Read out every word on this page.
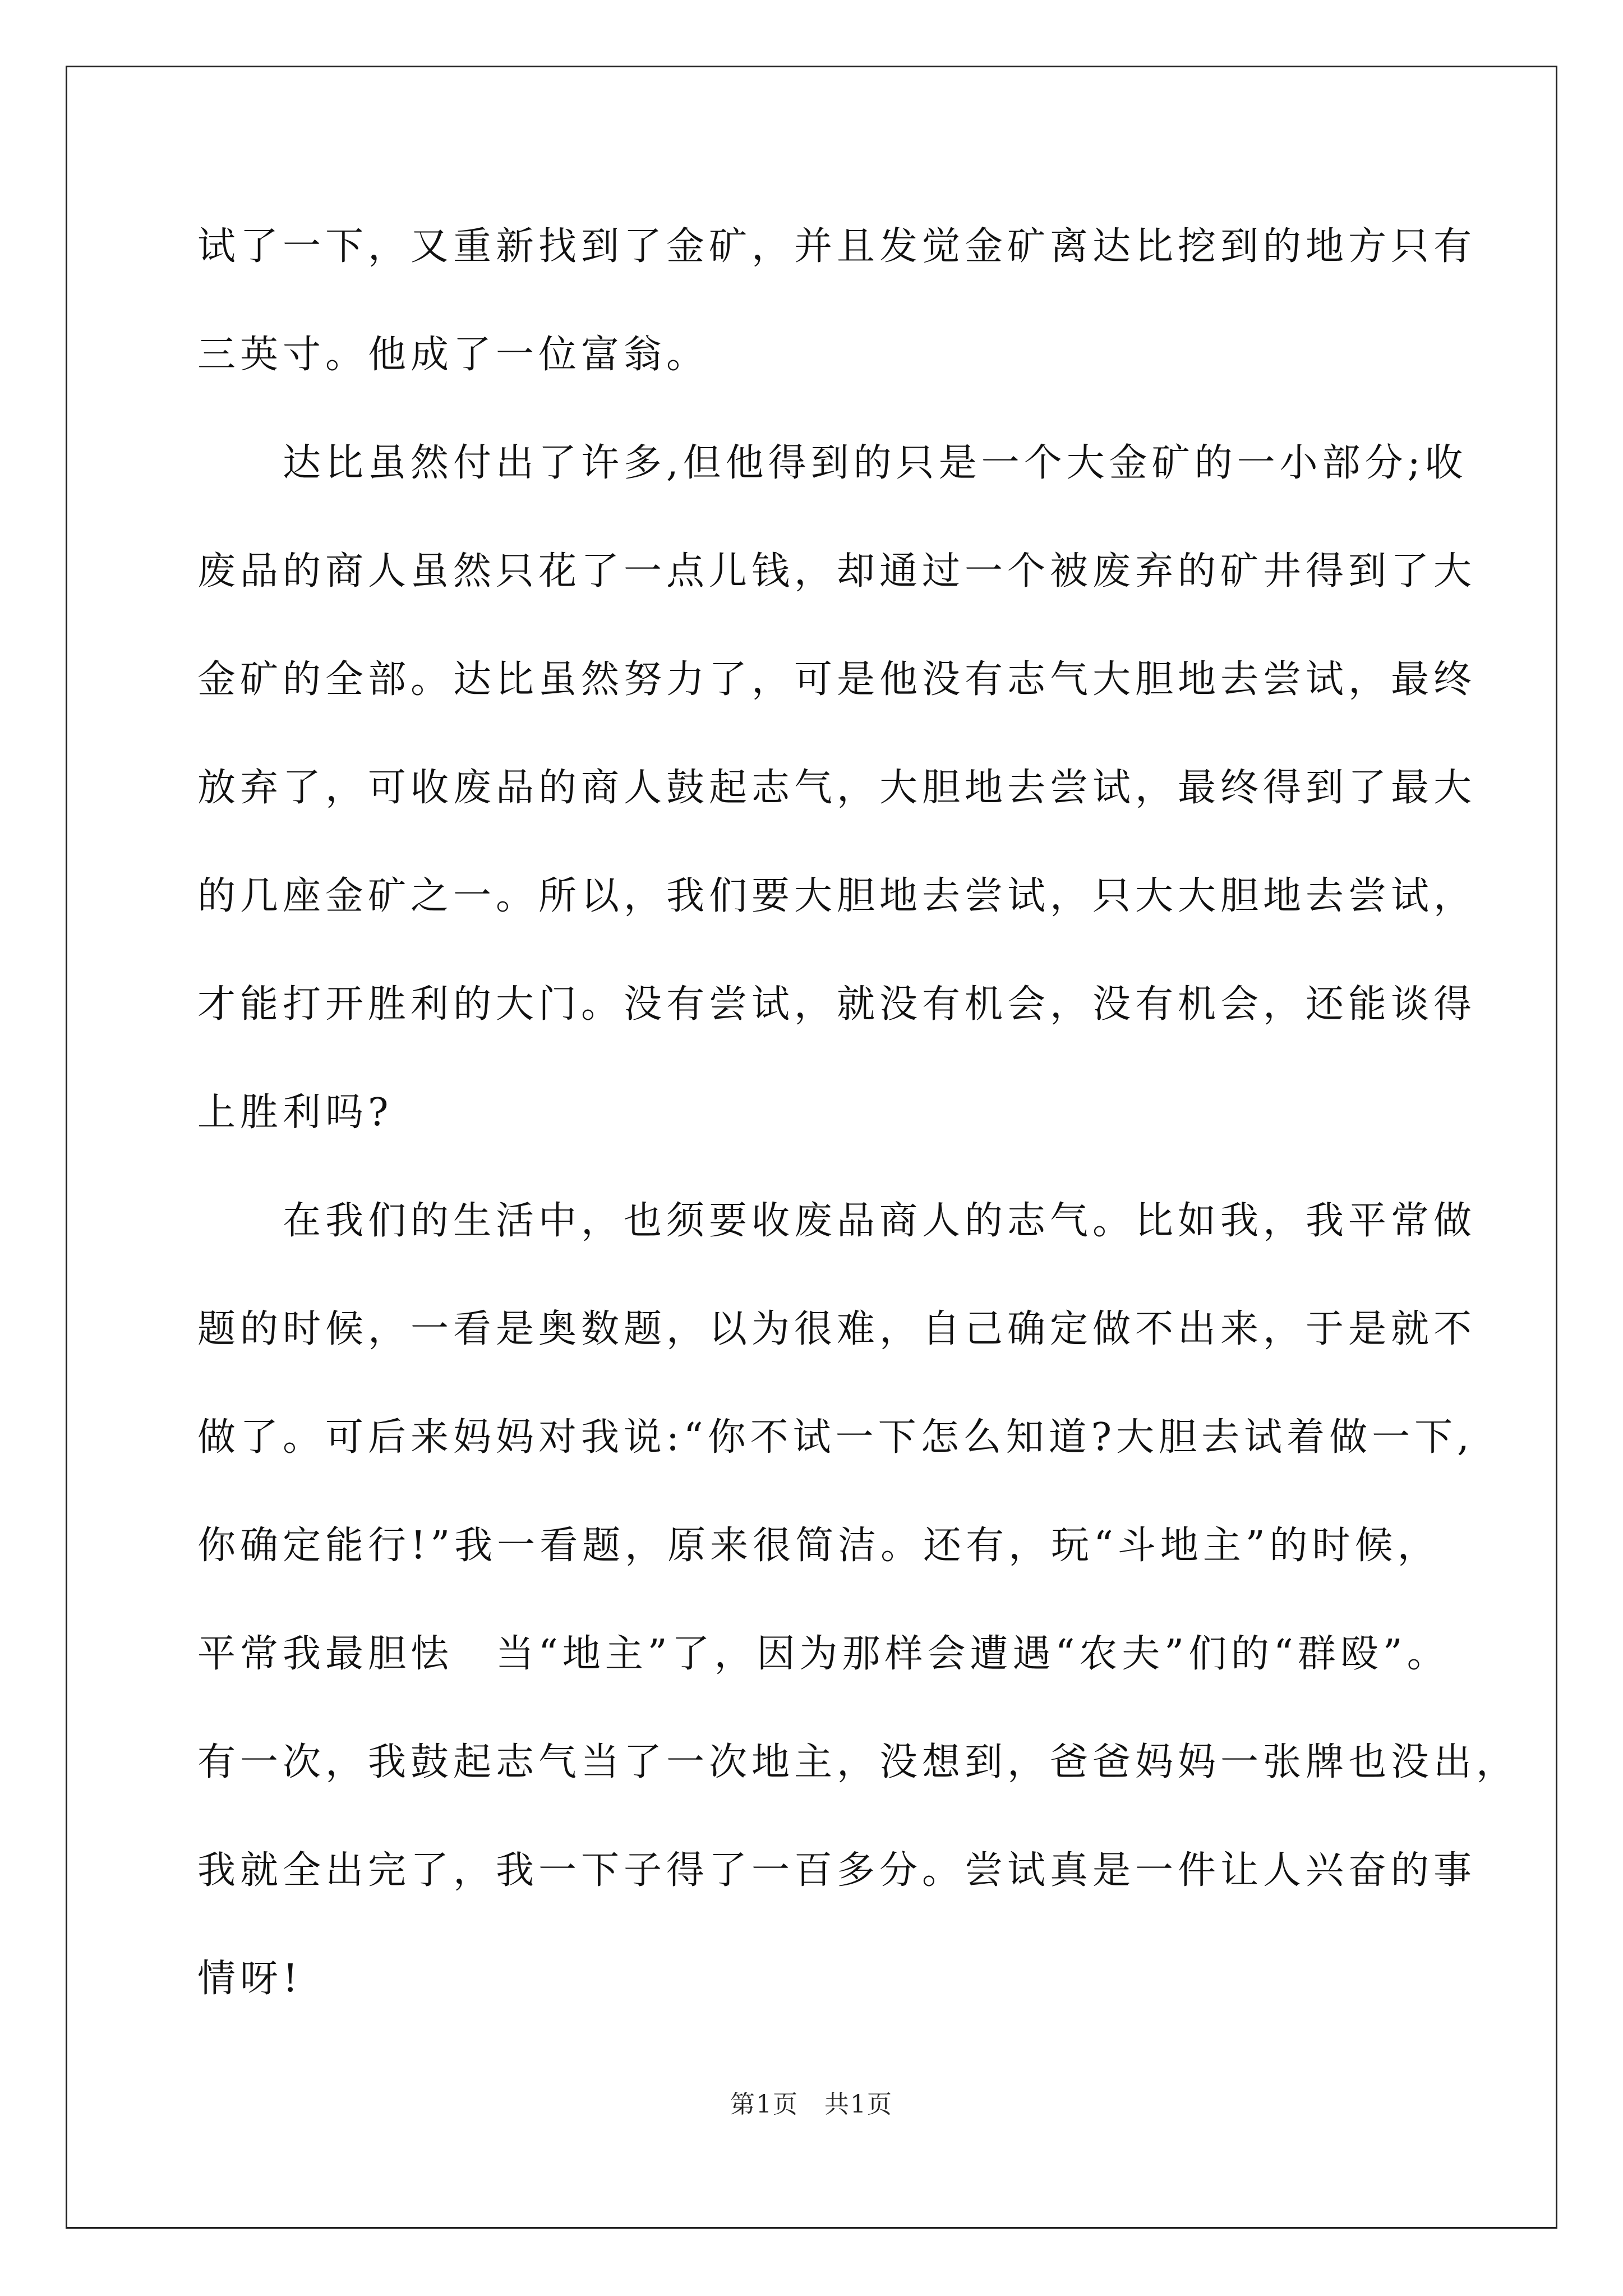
试了一下，又重新找到了金矿，并且发觉金矿离达比挖到的地方只有
三英寸。他成了一位富翁。
　　达比虽然付出了许多,但他得到的只是一个大金矿的一小部分;收
废品的商人虽然只花了一点儿钱，却通过一个被废弃的矿井得到了大
金矿的全部。达比虽然努力了，可是他没有志气大胆地去尝试，最终
放弃了，可收废品的商人鼓起志气，大胆地去尝试，最终得到了最大
的几座金矿之一。所以，我们要大胆地去尝试，只大大胆地去尝试，
才能打开胜利的大门。没有尝试，就没有机会，没有机会，还能谈得
上胜利吗?
　　在我们的生活中，也须要收废品商人的志气。比如我，我平常做
题的时候，一看是奥数题，以为很难，自己确定做不出来，于是就不
做了。可后来妈妈对我说:“你不试一下怎么知道?大胆去试着做一下,
你确定能行!”我一看题，原来很简洁。还有，玩“斗地主”的时候，
平常我最胆怯　当“地主”了，因为那样会遭遇“农夫”们的“群殴”。
有一次，我鼓起志气当了一次地主，没想到，爸爸妈妈一张牌也没出，
我就全出完了，我一下子得了一百多分。尝试真是一件让人兴奋的事
情呀!
第1页　共1页
